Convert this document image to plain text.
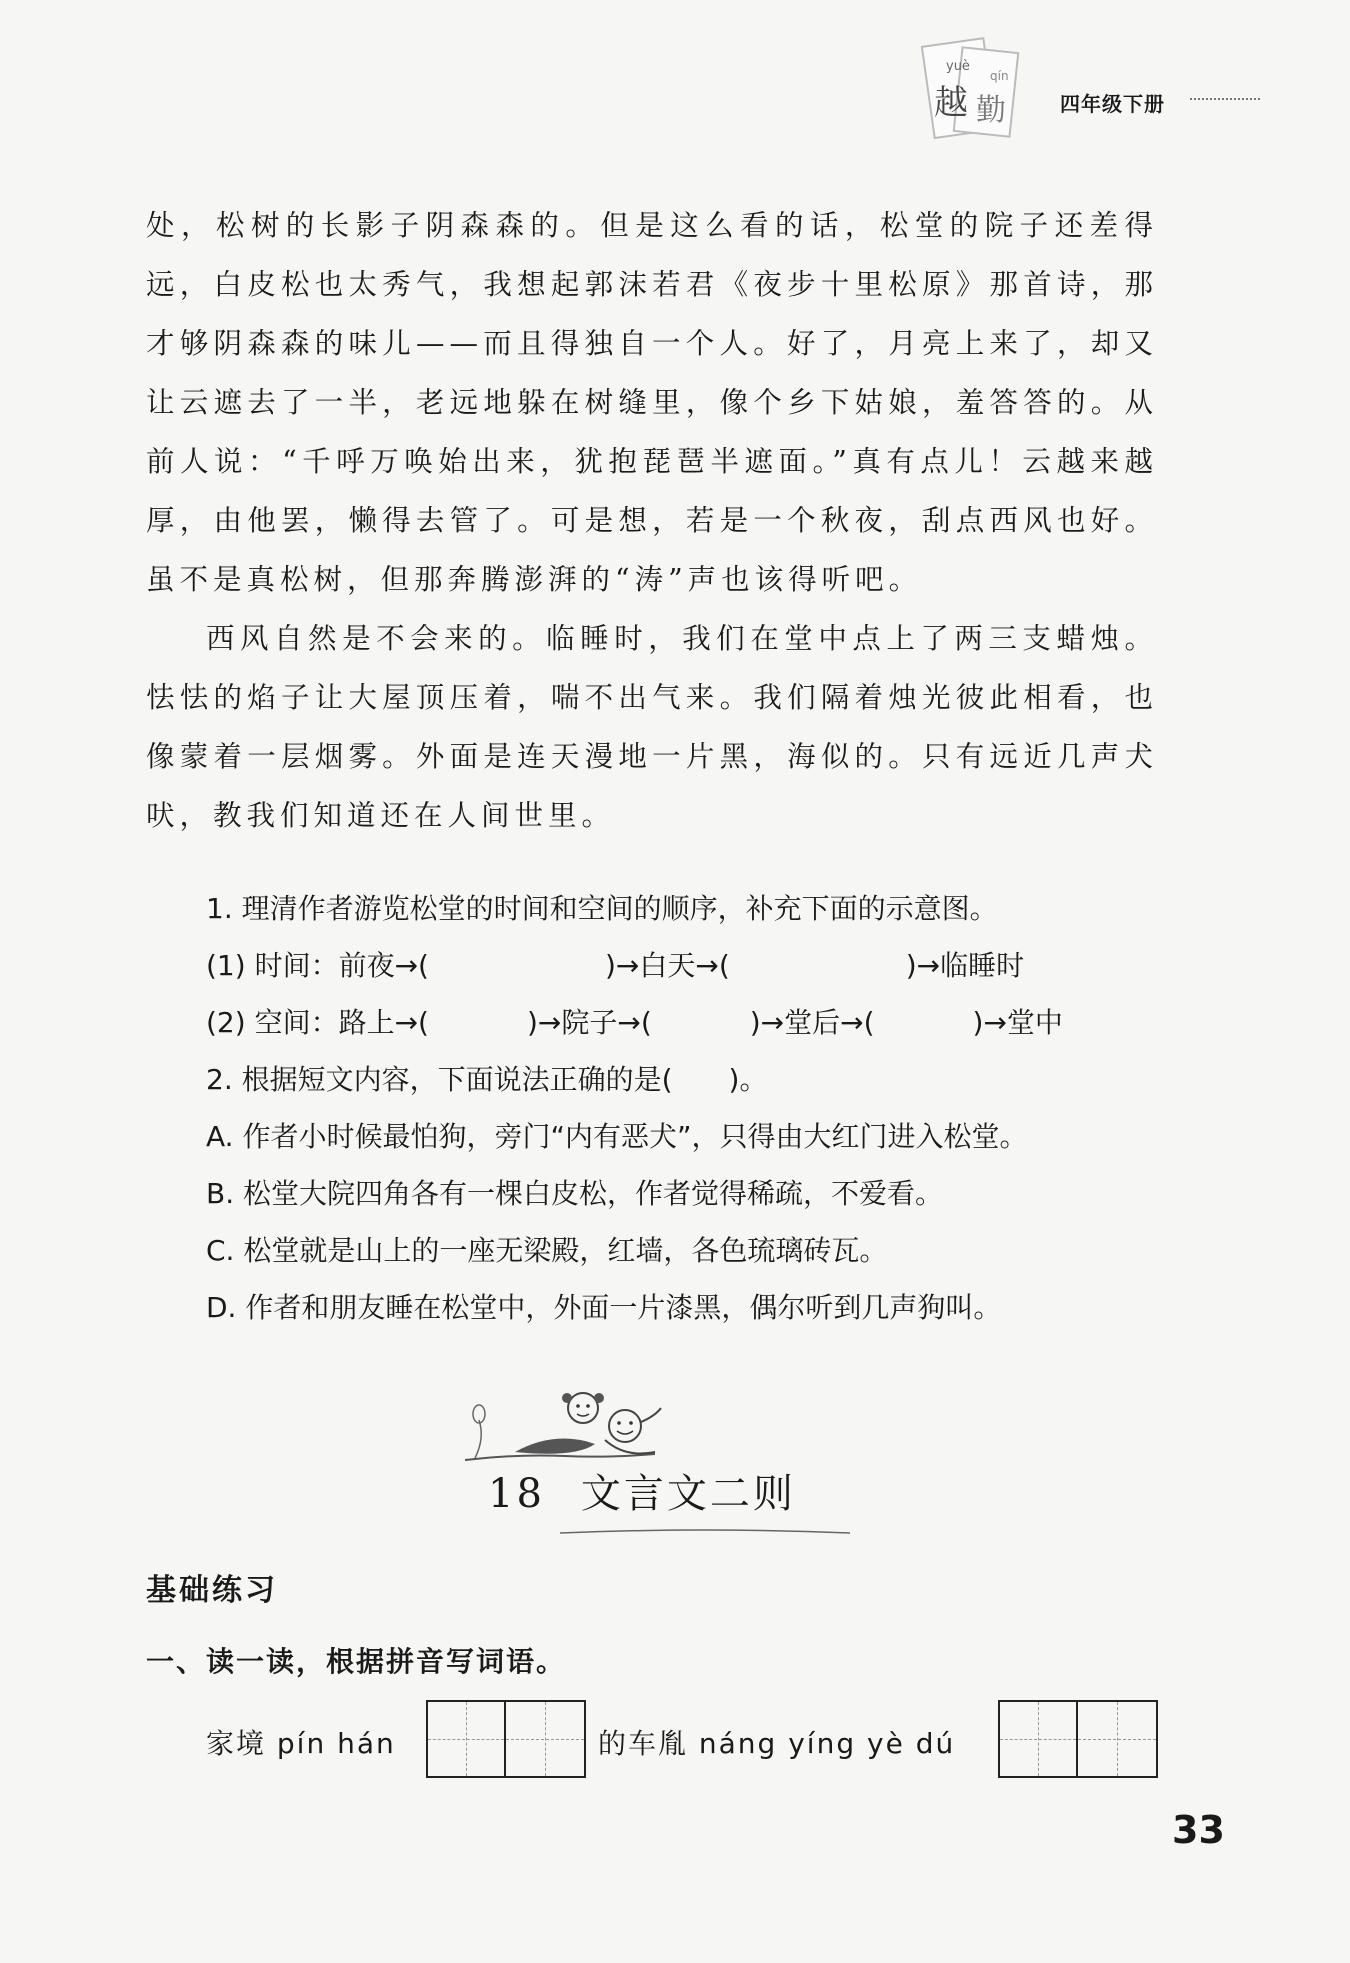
yuè
qín
越 勤	四年级下册

处，松树的长影子阴森森的。但是这么看的话，松堂的院子还差得远，白皮松也太秀气，我想起郭沫若君《夜步十里松原》那首诗，那才够阴森森的味儿——而且得独自一个人。好了，月亮上来了，却又让云遮去了一半，老远地躲在树缝里，像个乡下姑娘，羞答答的。从前人说：“千呼万唤始出来，犹抱琵琶半遮面。”真有点儿！云越来越厚，由他罢，懒得去管了。可是想，若是一个秋夜，刮点西风也好。虽不是真松树，但那奔腾澎湃的“涛”声也该得听吧。

西风自然是不会来的。临睡时，我们在堂中点上了两三支蜡烛。怯怯的焰子让大屋顶压着，喘不出气来。我们隔着烛光彼此相看，也像蒙着一层烟雾。外面是连天漫地一片黑，海似的。只有远近几声犬吠，教我们知道还在人间世里。

1. 理清作者游览松堂的时间和空间的顺序，补充下面的示意图。
(1) 时间：前夜→(	)→白天→(	)→临睡时
(2) 空间：路上→(	)→院子→(	)→堂后→(	)→堂中
2. 根据短文内容，下面说法正确的是(　　)。
A. 作者小时候最怕狗，旁门“内有恶犬”，只得由大红门进入松堂。
B. 松堂大院四角各有一棵白皮松，作者觉得稀疏，不爱看。
C. 松堂就是山上的一座无梁殿，红墙，各色琉璃砖瓦。
D. 作者和朋友睡在松堂中，外面一片漆黑，偶尔听到几声狗叫。
18 文言文二则
基础练习
一、读一读，根据拼音写词语。
家境 pín hán	的车胤 náng yíng yè dú
33
